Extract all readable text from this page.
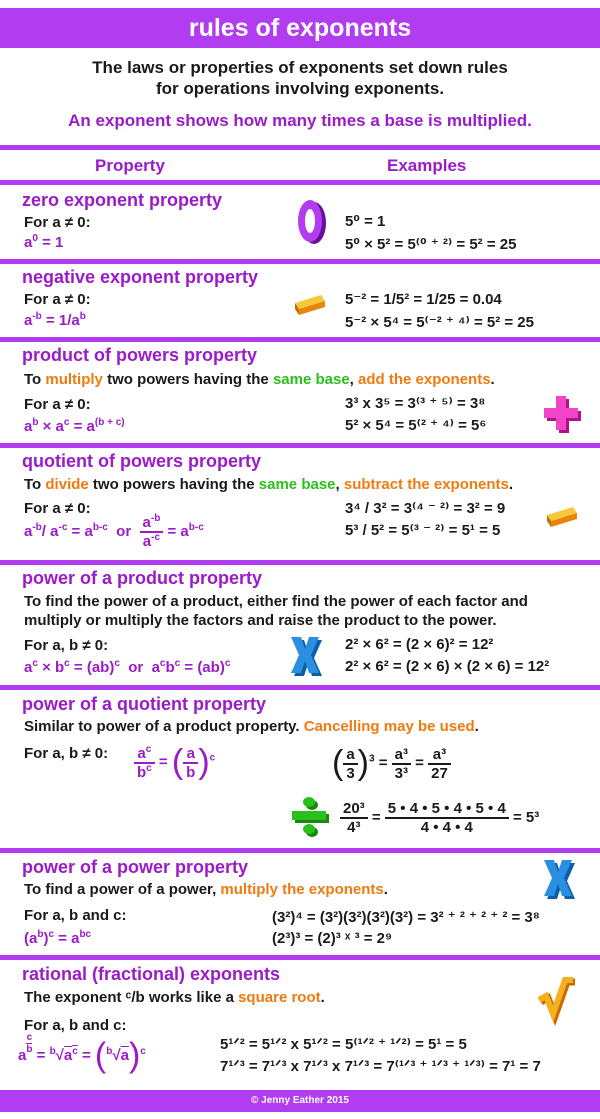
rules of exponents
The laws or properties of exponents set down rules
for operations involving exponents.
An exponent shows how many times a base is multiplied.
Property	Examples
zero exponent property
For a ≠ 0:
$a^0 = 1$
5⁰ = 1
5⁰ × 5² = 5⁽⁰ ⁺ ²⁾ = 5² = 25
negative exponent property
For a ≠ 0:
$a^{-b} = 1/a^b$
5⁻² = 1/5² = 1/25 = 0.04
5⁻² × 5⁴ = 5⁽⁻² ⁺ ⁴⁾ = 5² = 25
product of powers property
To multiply two powers having the same base, add the exponents.
For a ≠ 0:
$a^b \times a^c = a^{(b + c)}$
3³ x 3⁵ = 3⁽³ ⁺ ⁵⁾ = 3⁸
5² × 5⁴ = 5⁽² ⁺ ⁴⁾ = 5⁶
quotient of powers property
To divide two powers having the same base, subtract the exponents.
For a ≠ 0:
$a^{-b}/$ $a^{-c} = a^{b-c}$ or $\frac{a^{-b}}{a^{-c}} = a^{b-c}$
3⁴ / 3² = 3⁽⁴ ⁻ ²⁾ = 3² = 9
5³ / 5² = 5⁽³ ⁻ ²⁾ = 5¹ = 5
power of a product property
To find the power of a product, either find the power of each factor and
multiply or multiply the factors and raise the product to the power.
For a, b ≠ 0:
$a^c \times b^c = (ab)^c$ or  $a^cb^c = (ab)^c$
2² × 6² = (2 × 6)² = 12²
2² × 6² = (2 × 6) × (2 × 6) = 12²
power of a quotient property
Similar to power of a product property. Cancelling may be used.
For a, b ≠ 0: $\frac{a^c}{b^c}$ = ( $\frac{a}{b} )^c$	( $\frac{a}{3} )^3 = \frac{\text{a³}}{\text{3³}} = \frac{\text{a³}}{27}$
$\frac{\text{20³}}{\text{4³}} = \frac{5 • 4 • 5 • 4 • 5 • 4}{4 • 4 • 4} = 5^3$
power of a power property
To find a power of a power, multiply the exponents.
For a, b and c:
$(a^b)^c = a^{bc}$
(3²)⁴ = (3²)(3²)(3²)(3²) = 3² ⁺ ² ⁺ ² ⁺ ² = 3⁸
(2³)³ = (2)³ ˣ ³ = 2⁹
rational (fractional) exponents
The exponent ᶜ/b works like a square root.
For a, b and c:
a
$\frac{c}{b}$
= $^b√a^c = (^b√a)^c$	5¹ᐟ² = 5¹ᐟ² x 5¹ᐟ² = 5⁽¹ᐟ² ⁺ ¹ᐟ²⁾ = 5¹ = 5
7¹ᐟ³ = 7¹ᐟ³ x 7¹ᐟ³ x 7¹ᐟ³ = 7⁽¹ᐟ³ ⁺ ¹ᐟ³ ⁺ ¹ᐟ³⁾ = 7¹ = 7
© Jenny Eather 2015
